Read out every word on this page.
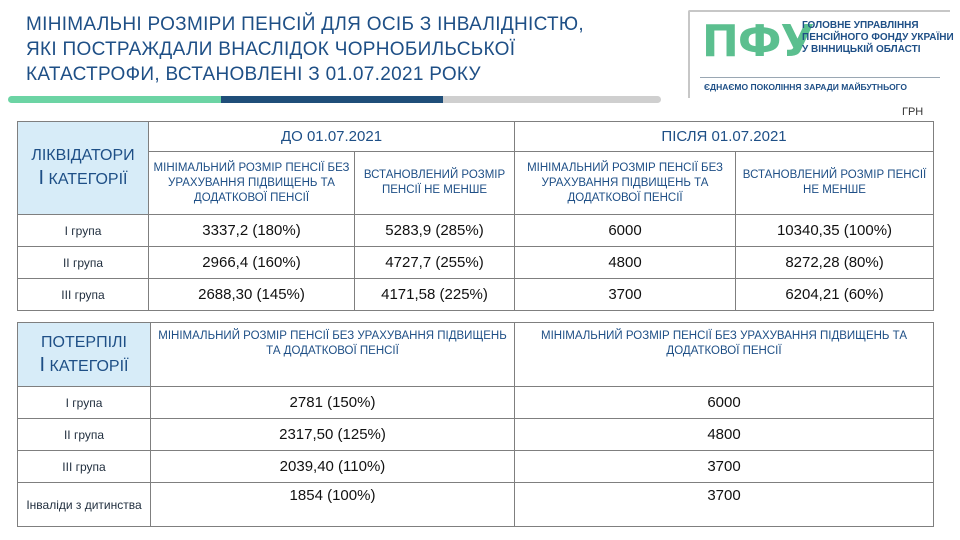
МІНІМАЛЬНІ РОЗМІРИ ПЕНСІЙ ДЛЯ ОСІБ З ІНВАЛІДНІСТЮ,
ЯКІ ПОСТРАЖДАЛИ ВНАСЛІДОК ЧОРНОБИЛЬСЬКОЇ
КАТАСТРОФИ, ВСТАНОВЛЕНІ З 01.07.2021 РОКУ
ПФУ
ГОЛОВНЕ УПРАВЛІННЯ
ПЕНСІЙНОГО ФОНДУ УКРАЇНИ
У ВІННИЦЬКІЙ ОБЛАСТІ
ЄДНАЄМО ПОКОЛІННЯ ЗАРАДИ МАЙБУТНЬОГО
ГРН
ЛІКВІДАТОРИ
І КАТЕГОРІЇ	ДО 01.07.2021		ПІСЛЯ 01.07.2021	
	МІНІМАЛЬНИЙ РОЗМІР ПЕНСІЇ БЕЗ УРАХУВАННЯ ПІДВИЩЕНЬ ТА ДОДАТКОВОЇ ПЕНСІЇ	ВСТАНОВЛЕНИЙ РОЗМІР ПЕНСІЇ НЕ МЕНШЕ	МІНІМАЛЬНИЙ РОЗМІР ПЕНСІЇ БЕЗ УРАХУВАННЯ ПІДВИЩЕНЬ ТА ДОДАТКОВОЇ ПЕНСІЇ	ВСТАНОВЛЕНИЙ РОЗМІР ПЕНСІЇ НЕ МЕНШЕ
І група	3337,2 (180%)	5283,9 (285%)	6000	10340,35 (100%)
ІІ група	2966,4 (160%)	4727,7 (255%)	4800	8272,28 (80%)
ІІІ група	2688,30 (145%)	4171,58 (225%)	3700	6204,21 (60%)
ПОТЕРПІЛІ
І КАТЕГОРІЇ	МІНІМАЛЬНИЙ РОЗМІР ПЕНСІЇ БЕЗ УРАХУВАННЯ ПІДВИЩЕНЬ ТА ДОДАТКОВОЇ ПЕНСІЇ	МІНІМАЛЬНИЙ РОЗМІР ПЕНСІЇ БЕЗ УРАХУВАННЯ ПІДВИЩЕНЬ ТА ДОДАТКОВОЇ ПЕНСІЇ
І група	2781 (150%)	6000
ІІ група	2317,50 (125%)	4800
ІІІ група	2039,40 (110%)	3700
Інваліди з дитинства	1854 (100%)	3700
